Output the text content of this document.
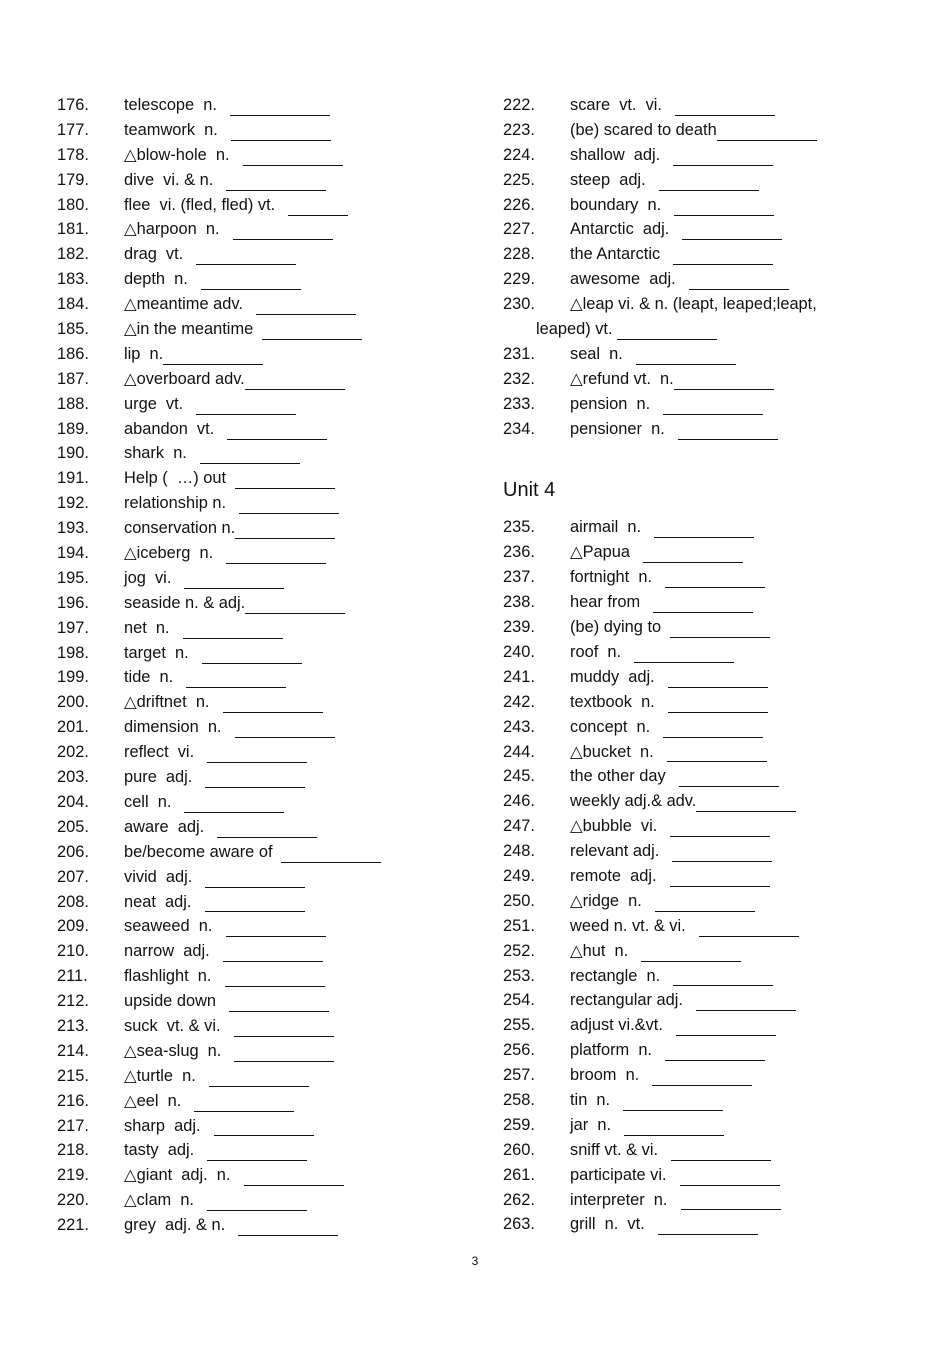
176.	telescope  n.
177.	teamwork  n.
178.	△blow-hole  n.
179.	dive  vi. & n.
180.	flee  vi. (fled, fled) vt.
181.	△harpoon  n.
182.	drag  vt.
183.	depth  n.
184.	△meantime adv.
185.	△in the meantime
186.	lip  n.
187.	△overboard adv.
188.	urge  vt.
189.	abandon  vt.
190.	shark  n.
191.	Help (  …) out
192.	relationship n.
193.	conservation n.
194.	△iceberg  n.
195.	jog  vi.
196.	seaside n. & adj.
197.	net  n.
198.	target  n.
199.	tide  n.
200.	△driftnet  n.
201.	dimension  n.
202.	reflect  vi.
203.	pure  adj.
204.	cell  n.
205.	aware  adj.
206.	be/become aware of
207.	vivid  adj.
208.	neat  adj.
209.	seaweed  n.
210.	narrow  adj.
211.	flashlight  n.
212.	upside down
213.	suck  vt. & vi.
214.	△sea-slug  n.
215.	△turtle  n.
216.	△eel  n.
217.	sharp  adj.
218.	tasty  adj.
219.	△giant  adj.  n.
220.	△clam  n.
221.	grey  adj. & n.
222.	scare  vt.  vi.
223.	(be) scared to death
224.	shallow  adj.
225.	steep  adj.
226.	boundary  n.
227.	Antarctic  adj.
228.	the Antarctic
229.	awesome  adj.
230.	△leap vi. & n. (leapt, leaped;leapt,
leaped) vt.
231.	seal  n.
232.	△refund vt.  n.
233.	pension  n.
234.	pensioner  n.
Unit 4
235.	airmail  n.
236.	△Papua
237.	fortnight  n.
238.	hear from
239.	(be) dying to
240.	roof  n.
241.	muddy  adj.
242.	textbook  n.
243.	concept  n.
244.	△bucket  n.
245.	the other day
246.	weekly adj.& adv.
247.	△bubble  vi.
248.	relevant adj.
249.	remote  adj.
250.	△ridge  n.
251.	weed n. vt. & vi.
252.	△hut  n.
253.	rectangle  n.
254.	rectangular adj.
255.	adjust vi.&vt.
256.	platform  n.
257.	broom  n.
258.	tin  n.
259.	jar  n.
260.	sniff vt. & vi.
261.	participate vi.
262.	interpreter  n.
263.	grill  n.  vt.
3
